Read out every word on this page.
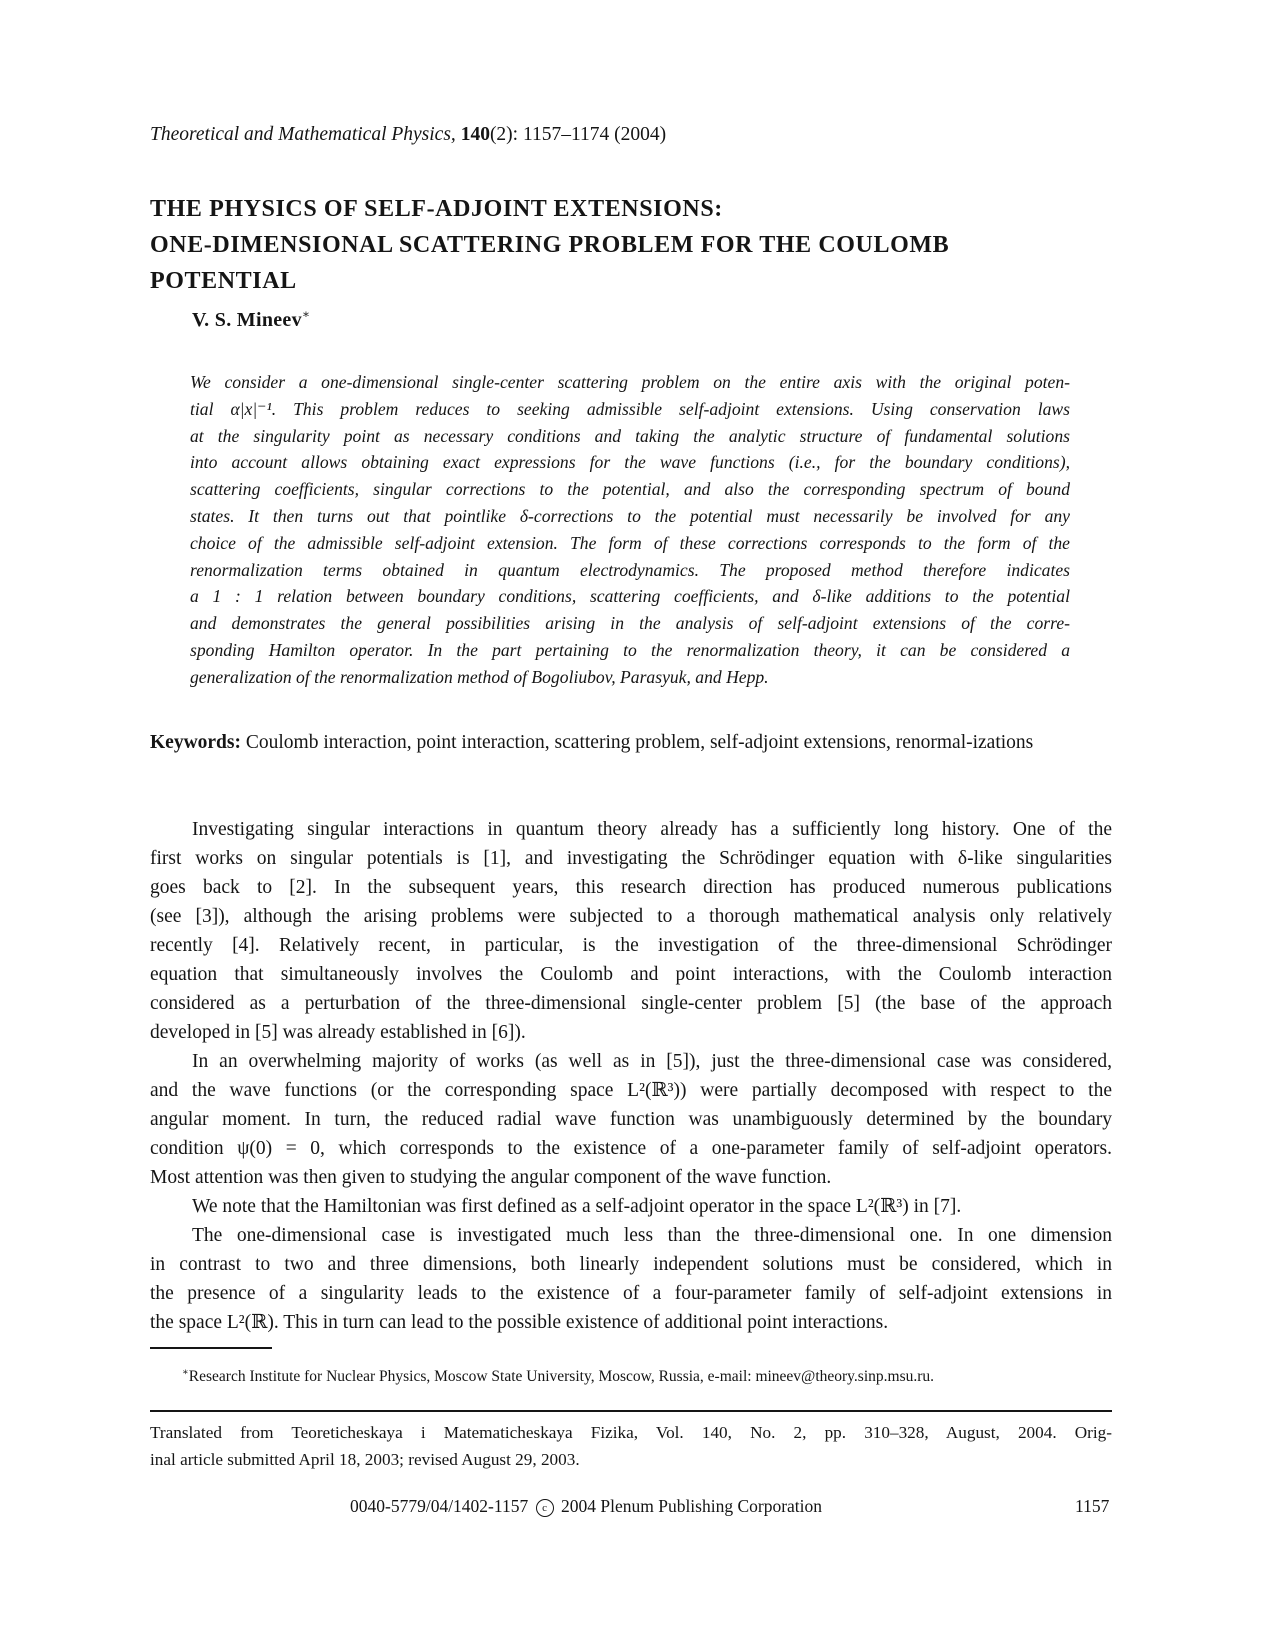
Theoretical and Mathematical Physics, 140(2): 1157–1174 (2004)
THE PHYSICS OF SELF-ADJOINT EXTENSIONS:
ONE-DIMENSIONAL SCATTERING PROBLEM FOR THE COULOMB
POTENTIAL
V. S. Mineev∗
We consider a one-dimensional single-center scattering problem on the entire axis with the original poten-
tial α|x|⁻¹. This problem reduces to seeking admissible self-adjoint extensions. Using conservation laws
at the singularity point as necessary conditions and taking the analytic structure of fundamental solutions
into account allows obtaining exact expressions for the wave functions (i.e., for the boundary conditions),
scattering coefficients, singular corrections to the potential, and also the corresponding spectrum of bound
states. It then turns out that pointlike δ-corrections to the potential must necessarily be involved for any
choice of the admissible self-adjoint extension. The form of these corrections corresponds to the form of the
renormalization terms obtained in quantum electrodynamics. The proposed method therefore indicates
a 1 : 1 relation between boundary conditions, scattering coefficients, and δ-like additions to the potential
and demonstrates the general possibilities arising in the analysis of self-adjoint extensions of the corre-
sponding Hamilton operator. In the part pertaining to the renormalization theory, it can be considered a
generalization of the renormalization method of Bogoliubov, Parasyuk, and Hepp.
Keywords: Coulomb interaction, point interaction, scattering problem, self-adjoint extensions, renormal-izations
Investigating singular interactions in quantum theory already has a sufficiently long history. One of the
first works on singular potentials is [1], and investigating the Schrödinger equation with δ-like singularities
goes back to [2]. In the subsequent years, this research direction has produced numerous publications
(see [3]), although the arising problems were subjected to a thorough mathematical analysis only relatively
recently [4]. Relatively recent, in particular, is the investigation of the three-dimensional Schrödinger
equation that simultaneously involves the Coulomb and point interactions, with the Coulomb interaction
considered as a perturbation of the three-dimensional single-center problem [5] (the base of the approach
developed in [5] was already established in [6]).
In an overwhelming majority of works (as well as in [5]), just the three-dimensional case was considered,
and the wave functions (or the corresponding space L²(ℝ³)) were partially decomposed with respect to the
angular moment. In turn, the reduced radial wave function was unambiguously determined by the boundary
condition ψ(0) = 0, which corresponds to the existence of a one-parameter family of self-adjoint operators.
Most attention was then given to studying the angular component of the wave function.
We note that the Hamiltonian was first defined as a self-adjoint operator in the space L²(ℝ³) in [7].
The one-dimensional case is investigated much less than the three-dimensional one. In one dimension
in contrast to two and three dimensions, both linearly independent solutions must be considered, which in
the presence of a singularity leads to the existence of a four-parameter family of self-adjoint extensions in
the space L²(ℝ). This in turn can lead to the possible existence of additional point interactions.
∗Research Institute for Nuclear Physics, Moscow State University, Moscow, Russia, e-mail: mineev@theory.sinp.msu.ru.
Translated from Teoreticheskaya i Matematicheskaya Fizika, Vol. 140, No. 2, pp. 310–328, August, 2004. Orig-
inal article submitted April 18, 2003; revised August 29, 2003.
0040-5779/04/1402-1157 c 2004 Plenum Publishing Corporation	1157
